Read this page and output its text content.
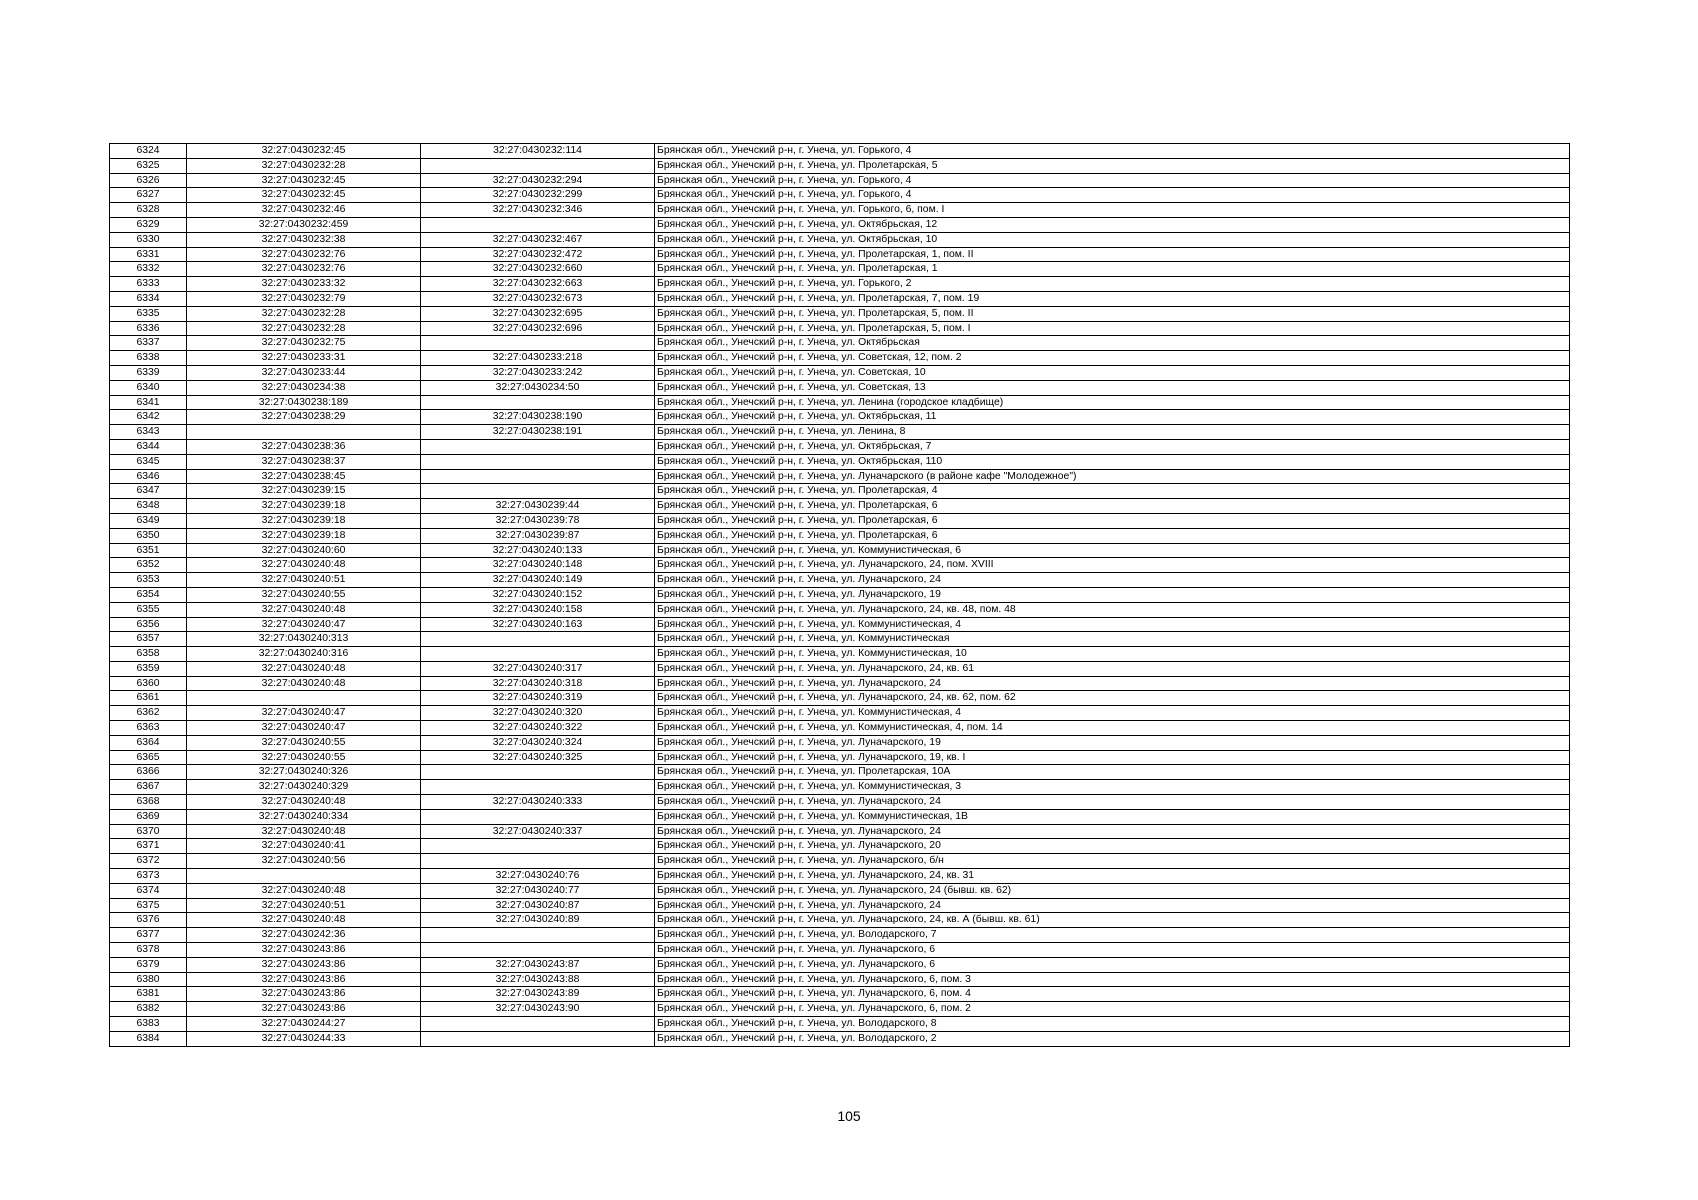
6324	32:27:0430232:45	32:27:0430232:114	Брянская обл., Унечский р-н, г. Унеча, ул. Горького, 4
6325	32:27:0430232:28		Брянская обл., Унечский р-н, г. Унеча, ул. Пролетарская, 5
6326	32:27:0430232:45	32:27:0430232:294	Брянская обл., Унечский р-н, г. Унеча, ул. Горького, 4
6327	32:27:0430232:45	32:27:0430232:299	Брянская обл., Унечский р-н, г. Унеча, ул. Горького, 4
6328	32:27:0430232:46	32:27:0430232:346	Брянская обл., Унечский р-н, г. Унеча, ул. Горького, 6, пом. I
6329	32:27:0430232:459		Брянская обл., Унечский р-н, г. Унеча, ул. Октябрьская, 12
6330	32:27:0430232:38	32:27:0430232:467	Брянская обл., Унечский р-н, г. Унеча, ул. Октябрьская, 10
6331	32:27:0430232:76	32:27:0430232:472	Брянская обл., Унечский р-н, г. Унеча, ул. Пролетарская, 1, пом. II
6332	32:27:0430232:76	32:27:0430232:660	Брянская обл., Унечский р-н, г. Унеча, ул. Пролетарская, 1
6333	32:27:0430233:32	32:27:0430232:663	Брянская обл., Унечский р-н, г. Унеча, ул. Горького, 2
6334	32:27:0430232:79	32:27:0430232:673	Брянская обл., Унечский р-н, г. Унеча, ул. Пролетарская, 7, пом. 19
6335	32:27:0430232:28	32:27:0430232:695	Брянская обл., Унечский р-н, г. Унеча, ул. Пролетарская, 5, пом. II
6336	32:27:0430232:28	32:27:0430232:696	Брянская обл., Унечский р-н, г. Унеча, ул. Пролетарская, 5, пом. I
6337	32:27:0430232:75		Брянская обл., Унечский р-н, г. Унеча, ул. Октябрьская
6338	32:27:0430233:31	32:27:0430233:218	Брянская обл., Унечский р-н, г. Унеча, ул. Советская, 12, пом. 2
6339	32:27:0430233:44	32:27:0430233:242	Брянская обл., Унечский р-н, г. Унеча, ул. Советская, 10
6340	32:27:0430234:38	32:27:0430234:50	Брянская обл., Унечский р-н, г. Унеча, ул. Советская, 13
6341	32:27:0430238:189		Брянская обл., Унечский р-н, г. Унеча, ул. Ленина (городское кладбище)
6342	32:27:0430238:29	32:27:0430238:190	Брянская обл., Унечский р-н, г. Унеча, ул. Октябрьская, 11
6343		32:27:0430238:191	Брянская обл., Унечский р-н, г. Унеча, ул. Ленина, 8
6344	32:27:0430238:36		Брянская обл., Унечский р-н, г. Унеча, ул. Октябрьская, 7
6345	32:27:0430238:37		Брянская обл., Унечский р-н, г. Унеча, ул. Октябрьская, 110
6346	32:27:0430238:45		Брянская обл., Унечский р-н, г. Унеча, ул. Луначарского (в районе кафе "Молодежное")
6347	32:27:0430239:15		Брянская обл., Унечский р-н, г. Унеча, ул. Пролетарская, 4
6348	32:27:0430239:18	32:27:0430239:44	Брянская обл., Унечский р-н, г. Унеча, ул. Пролетарская, 6
6349	32:27:0430239:18	32:27:0430239:78	Брянская обл., Унечский р-н, г. Унеча, ул. Пролетарская, 6
6350	32:27:0430239:18	32:27:0430239:87	Брянская обл., Унечский р-н, г. Унеча, ул. Пролетарская, 6
6351	32:27:0430240:60	32:27:0430240:133	Брянская обл., Унечский р-н, г. Унеча, ул. Коммунистическая, 6
6352	32:27:0430240:48	32:27:0430240:148	Брянская обл., Унечский р-н, г. Унеча, ул. Луначарского, 24, пом. XVIII
6353	32:27:0430240:51	32:27:0430240:149	Брянская обл., Унечский р-н, г. Унеча, ул. Луначарского, 24
6354	32:27:0430240:55	32:27:0430240:152	Брянская обл., Унечский р-н, г. Унеча, ул. Луначарского, 19
6355	32:27:0430240:48	32:27:0430240:158	Брянская обл., Унечский р-н, г. Унеча, ул. Луначарского, 24, кв. 48, пом. 48
6356	32:27:0430240:47	32:27:0430240:163	Брянская обл., Унечский р-н, г. Унеча, ул. Коммунистическая, 4
6357	32:27:0430240:313		Брянская обл., Унечский р-н, г. Унеча, ул. Коммунистическая
6358	32:27:0430240:316		Брянская обл., Унечский р-н, г. Унеча, ул. Коммунистическая, 10
6359	32:27:0430240:48	32:27:0430240:317	Брянская обл., Унечский р-н, г. Унеча, ул. Луначарского, 24, кв. 61
6360	32:27:0430240:48	32:27:0430240:318	Брянская обл., Унечский р-н, г. Унеча, ул. Луначарского, 24
6361		32:27:0430240:319	Брянская обл., Унечский р-н, г. Унеча, ул. Луначарского, 24, кв. 62, пом. 62
6362	32:27:0430240:47	32:27:0430240:320	Брянская обл., Унечский р-н, г. Унеча, ул. Коммунистическая, 4
6363	32:27:0430240:47	32:27:0430240:322	Брянская обл., Унечский р-н, г. Унеча, ул. Коммунистическая, 4, пом. 14
6364	32:27:0430240:55	32:27:0430240:324	Брянская обл., Унечский р-н, г. Унеча, ул. Луначарского, 19
6365	32:27:0430240:55	32:27:0430240:325	Брянская обл., Унечский р-н, г. Унеча, ул. Луначарского, 19, кв. I
6366	32:27:0430240:326		Брянская обл., Унечский р-н, г. Унеча, ул. Пролетарская, 10А
6367	32:27:0430240:329		Брянская обл., Унечский р-н, г. Унеча, ул. Коммунистическая, 3
6368	32:27:0430240:48	32:27:0430240:333	Брянская обл., Унечский р-н, г. Унеча, ул. Луначарского, 24
6369	32:27:0430240:334		Брянская обл., Унечский р-н, г. Унеча, ул. Коммунистическая, 1В
6370	32:27:0430240:48	32:27:0430240:337	Брянская обл., Унечский р-н, г. Унеча, ул. Луначарского, 24
6371	32:27:0430240:41		Брянская обл., Унечский р-н, г. Унеча, ул. Луначарского, 20
6372	32:27:0430240:56		Брянская обл., Унечский р-н, г. Унеча, ул. Луначарского, б/н
6373		32:27:0430240:76	Брянская обл., Унечский р-н, г. Унеча, ул. Луначарского, 24, кв. 31
6374	32:27:0430240:48	32:27:0430240:77	Брянская обл., Унечский р-н, г. Унеча, ул. Луначарского, 24 (бывш. кв. 62)
6375	32:27:0430240:51	32:27:0430240:87	Брянская обл., Унечский р-н, г. Унеча, ул. Луначарского, 24
6376	32:27:0430240:48	32:27:0430240:89	Брянская обл., Унечский р-н, г. Унеча, ул. Луначарского, 24, кв. А (бывш. кв. 61)
6377	32:27:0430242:36		Брянская обл., Унечский р-н, г. Унеча, ул. Володарского, 7
6378	32:27:0430243:86		Брянская обл., Унечский р-н, г. Унеча, ул. Луначарского, 6
6379	32:27:0430243:86	32:27:0430243:87	Брянская обл., Унечский р-н, г. Унеча, ул. Луначарского, 6
6380	32:27:0430243:86	32:27:0430243:88	Брянская обл., Унечский р-н, г. Унеча, ул. Луначарского, 6, пом. 3
6381	32:27:0430243:86	32:27:0430243:89	Брянская обл., Унечский р-н, г. Унеча, ул. Луначарского, 6, пом. 4
6382	32:27:0430243:86	32:27:0430243:90	Брянская обл., Унечский р-н, г. Унеча, ул. Луначарского, 6, пом. 2
6383	32:27:0430244:27		Брянская обл., Унечский р-н, г. Унеча, ул. Володарского, 8
6384	32:27:0430244:33		Брянская обл., Унечский р-н, г. Унеча, ул. Володарского, 2
105
